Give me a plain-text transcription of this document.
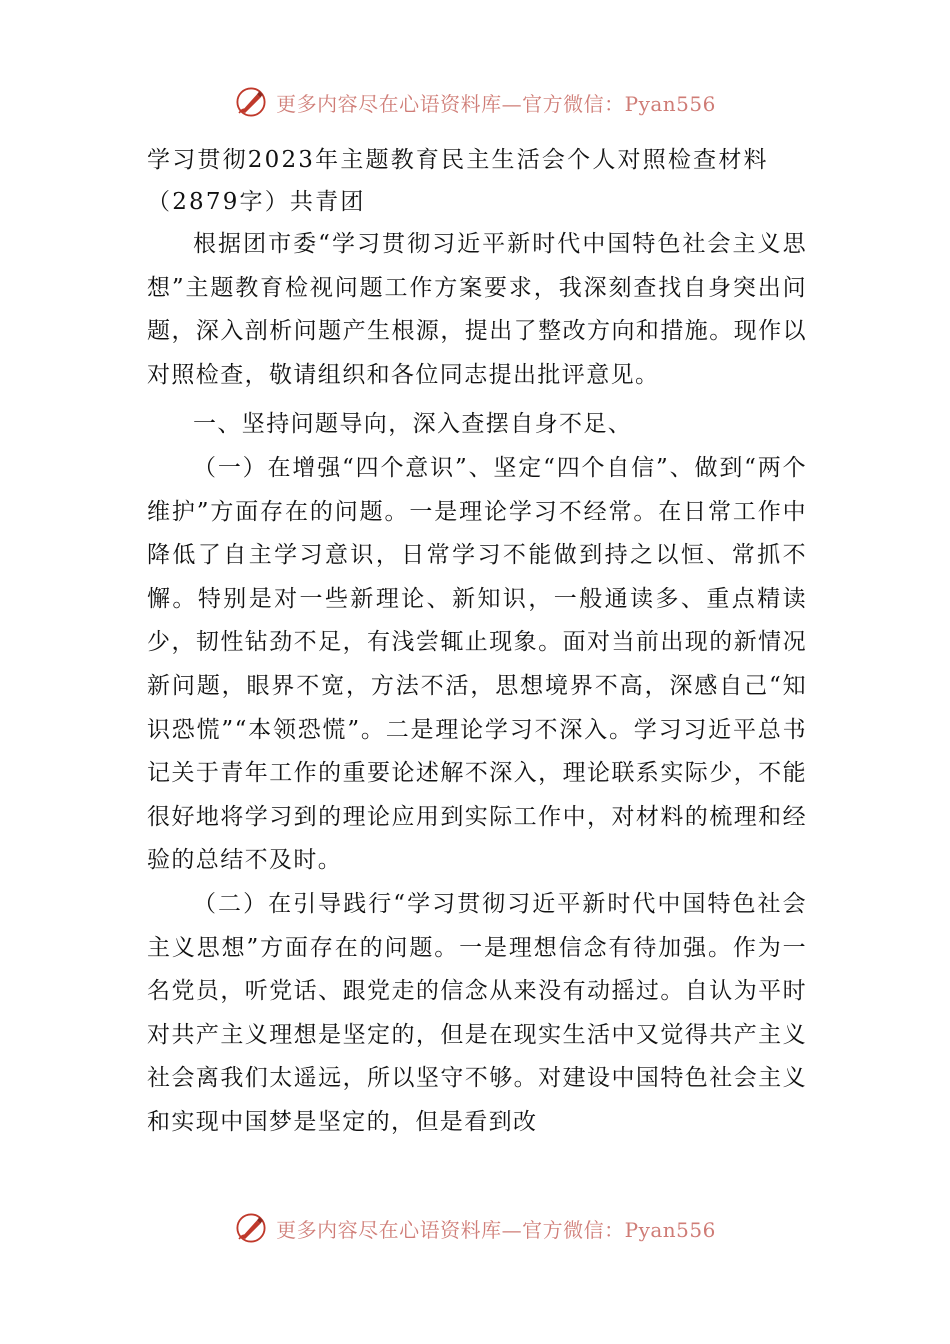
更多内容尽在心语资料库—官方微信：Pyan556
学习贯彻2023年主题教育民主生活会个人对照检查材料
（2879字）共青团

根据团市委“学习贯彻习近平新时代中国特色社会主义思想”主题教育检视问题工作方案要求，我深刻查找自身突出问题，深入剖析问题产生根源，提出了整改方向和措施。现作以对照检查，敬请组织和各位同志提出批评意见。

一、坚持问题导向，深入查摆自身不足、

（一）在增强“四个意识”、坚定“四个自信”、做到“两个维护”方面存在的问题。一是理论学习不经常。在日常工作中降低了自主学习意识，日常学习不能做到持之以恒、常抓不懈。特别是对一些新理论、新知识，一般通读多、重点精读少，韧性钻劲不足，有浅尝辄止现象。面对当前出现的新情况新问题，眼界不宽，方法不活，思想境界不高，深感自己“知识恐慌”“本领恐慌”。二是理论学习不深入。学习习近平总书记关于青年工作的重要论述解不深入，理论联系实际少，不能很好地将学习到的理论应用到实际工作中，对材料的梳理和经验的总结不及时。

（二）在引导践行“学习贯彻习近平新时代中国特色社会主义思想”方面存在的问题。一是理想信念有待加强。作为一名党员，听党话、跟党走的信念从来没有动摇过。自认为平时对共产主义理想是坚定的，但是在现实生活中又觉得共产主义社会离我们太遥远，所以坚守不够。对建设中国特色社会主义和实现中国梦是坚定的，但是看到改

更多内容尽在心语资料库—官方微信：Pyan556
